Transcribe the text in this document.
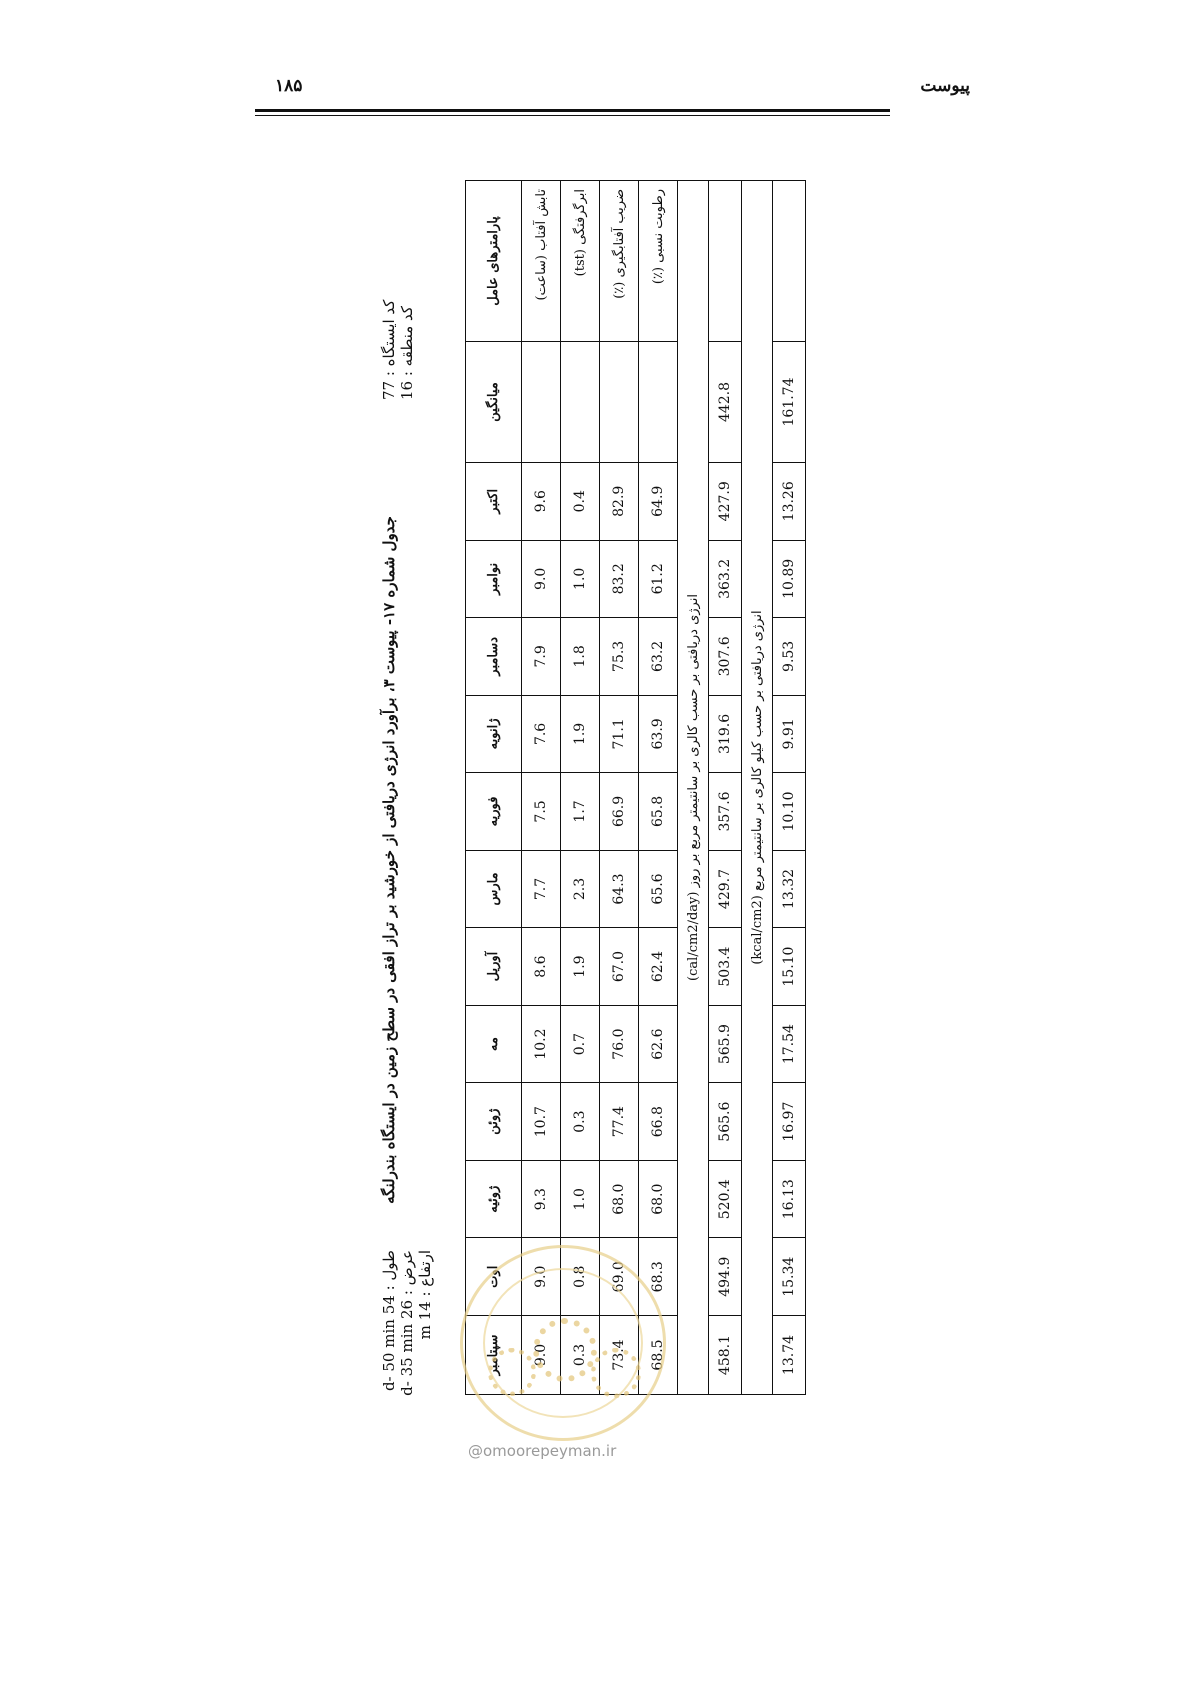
۱۸۵	پیوست
طول : 54 d- 50 min
عرض : 26 d- 35 min
ارتفاع : 14 m
جدول شماره ۱۷- پیوست ۳، برآورد انرژی دریافتی از خورشید بر تراز افقی در سطح زمین در ایستگاه بندرلنگه
کد ایستگاه : 77
کد منطقه : 16
پارامترهای عامل	میانگین	اکتبر	نوامبر	دسامبر	ژانویه	فوریه	مارس	آوریل	مه	ژوئن	ژوئیه	اوت	سپتامبر
تابش آفتاب (ساعت)		9.6	9.0	7.9	7.6	7.5	7.7	8.6	10.2	10.7	9.3	9.0	9.0
ابرگرفتگی (tst)		0.4	1.0	1.8	1.9	1.7	2.3	1.9	0.7	0.3	1.0	0.8	0.3
ضریب آفتابگیری (٪)		82.9	83.2	75.3	71.1	66.9	64.3	67.0	76.0	77.4	68.0	69.0	73.4
رطوبت نسبی (٪)		64.9	61.2	63.2	63.9	65.8	65.6	62.4	62.6	66.8	68.0	68.3	68.5
انرژی دریافتی بر حسب کالری بر سانتیمتر مربع بر روز (cal/cm2/day)													
	442.8	427.9	363.2	307.6	319.6	357.6	429.7	503.4	565.9	565.6	520.4	494.9	458.1
انرژی دریافتی بر حسب کیلو کالری بر سانتیمتر مربع (kcal/cm2)													
	161.74	13.26	10.89	9.53	9.91	10.10	13.32	15.10	17.54	16.97	16.13	15.34	13.74
@omoorepeyman.ir
